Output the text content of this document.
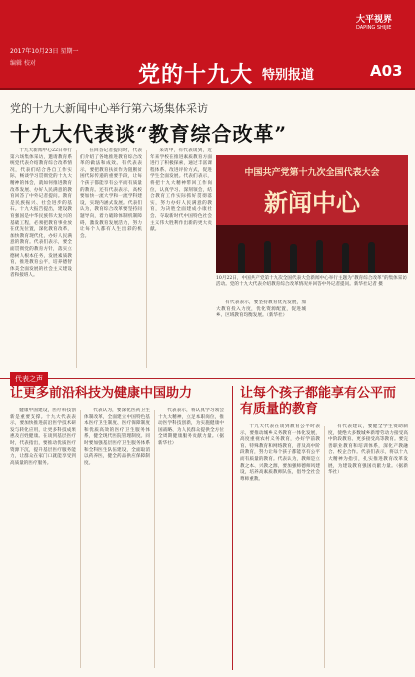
2017年10月23日 星期一
编辑 校对	党的十九大 特别报道
大平视界
DAPING SHIJIE
A03
党的十九大新闻中心举行第六场集体采访
十九大代表谈“教育综合改革”

十九大新闻中心22日举行第六场集体采访，邀请教育系统党代表介绍教育综合改革情况，代表们结合各自工作实际，畅谈学习贯彻党的十九大精神的体会，就如何推进教育改革发展、办好人民满意的教育回答了中外记者提问。教育是民族振兴、社会进步的基石。十九大报告提出，建设教育强国是中华民族伟大复兴的基础工程，必须把教育事业放在优先位置，深化教育改革，加快教育现代化，办好人民满意的教育。代表们表示，要全面贯彻党的教育方针，落实立德树人根本任务，发展素质教育，推进教育公平，培养德智体美全面发展的社会主义建设者和接班人。

在回答记者提问时，代表们介绍了各地推进教育综合改革的做法和成效。有代表表示，要把教育扶贫作为阻断贫困代际传递的重要手段，让每个孩子都能享有公平而有质量的教育。还有代表表示，高校要加快一流大学和一流学科建设，实现内涵式发展。代表们认为，教育综合改革要坚持问题导向，着力破除体制机制障碍，激发教育发展活力，努力让每个人都有人生出彩的机会。

采访中，有代表谈到，近年来学校在推进素质教育方面进行了积极探索，通过丰富课程体系、改进评价方式，促进学生全面发展。代表们表示，将把十九大精神带回工作岗位，认真学习、深刻领会，结合教育工作实际抓好贯彻落实，努力办好人民满意的教育，为决胜全面建成小康社会、夺取新时代中国特色社会主义伟大胜利作出新的更大贡献。

中国共产党第十九次全国代表大会
新闻中心
10月22日，中国共产党第十九次全国代表大会新闻中心举行主题为“教育综合改革”的集体采访活动。党的十九大代表介绍教育综合改革情况并回答中外记者提问。新华社记者 摄

有代表表示，要坚持教育优先发展，加大教育投入力度，优化资源配置，促进城乡、区域教育均衡发展。（新华社）

代表之声
让更多前沿科技为健康中国助力

健康中国建设，医疗科技创新是重要支撑。十九大代表表示，要加快推进前沿医学技术研发与转化应用，让更多科技成果惠及百姓健康。在谈到基层医疗时，代表指出，要推动优质医疗资源下沉，提升基层医疗服务能力，让群众在家门口就能享受到高质量的医疗服务。

代表认为，要深化医药卫生体制改革，全面建立中国特色基本医疗卫生制度、医疗保障制度和优质高效的医疗卫生服务体系，健全现代医院管理制度。同时要加强基层医疗卫生服务体系和全科医生队伍建设，全面取消以药养医，健全药品供应保障制度。

代表表示，将认真学习领会十九大精神，立足本职岗位，推动医学科技创新，为实施健康中国战略、为人民群众提供全方位全周期健康服务贡献力量。（据新华社）

让每个孩子都能享有公平而有质量的教育

十九大代表在谈到教育公平时表示，要推动城乡义务教育一体化发展，高度重视农村义务教育，办好学前教育、特殊教育和网络教育，普及高中阶段教育，努力让每个孩子都能享有公平而有质量的教育。代表认为，教师是立教之本、兴教之源，要加强师德师风建设，培养高素质教师队伍，倡导全社会尊师重教。

有代表建议，要健全学生资助制度，使绝大多数城乡新增劳动力接受高中阶段教育、更多接受高等教育。要完善职业教育和培训体系，深化产教融合、校企合作。代表们表示，将以十九大精神为指引，扎实推进教育改革发展，为建设教育强国贡献力量。（据新华社）
